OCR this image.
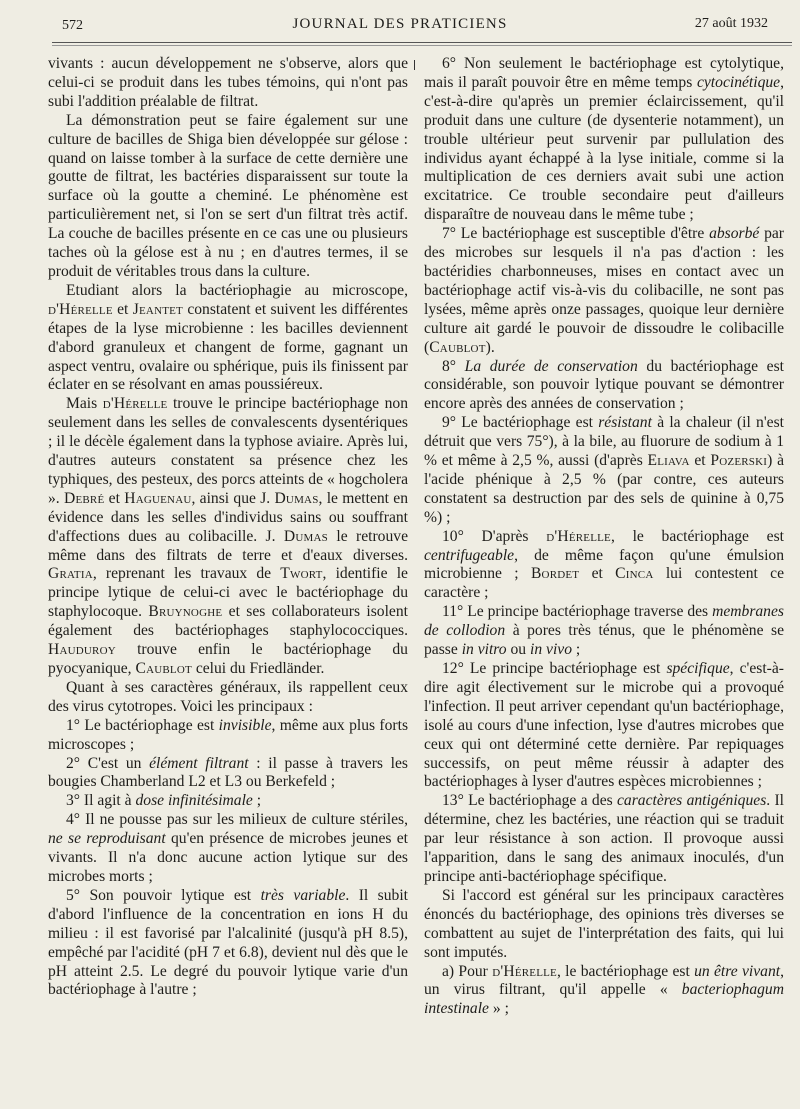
572	JOURNAL DES PRATICIENS	27 août 1932

vivants : aucun développement ne s'observe, alors que celui-ci se produit dans les tubes témoins, qui n'ont pas subi l'addition préalable de filtrat.

La démonstration peut se faire également sur une culture de bacilles de Shiga bien développée sur gélose : quand on laisse tomber à la surface de cette dernière une goutte de filtrat, les bactéries disparaissent sur toute la surface où la goutte a cheminé. Le phénomène est particulièrement net, si l'on se sert d'un filtrat très actif. La couche de bacilles présente en ce cas une ou plusieurs taches où la gélose est à nu ; en d'autres termes, il se produit de véritables trous dans la culture.

Etudiant alors la bactériophagie au microscope, d'Hérelle et Jeantet constatent et suivent les différentes étapes de la lyse microbienne : les bacilles deviennent d'abord granuleux et changent de forme, gagnant un aspect ventru, ovalaire ou sphérique, puis ils finissent par éclater en se résolvant en amas poussiéreux.

Mais d'Hérelle trouve le principe bactériophage non seulement dans les selles de convalescents dysentériques ; il le décèle également dans la typhose aviaire. Après lui, d'autres auteurs constatent sa présence chez les typhiques, des pesteux, des porcs atteints de « hogcholera ». Debré et Haguenau, ainsi que J. Dumas, le mettent en évidence dans les selles d'individus sains ou souffrant d'affections dues au colibacille. J. Dumas le retrouve même dans des filtrats de terre et d'eaux diverses. Gratia, reprenant les travaux de Twort, identifie le principe lytique de celui-ci avec le bactériophage du staphylocoque. Bruynoghe et ses collaborateurs isolent également des bactériophages staphylococciques. Hauduroy trouve enfin le bactériophage du pyocyanique, Caublot celui du Friedländer.

Quant à ses caractères généraux, ils rappellent ceux des virus cytotropes. Voici les principaux :

1° Le bactériophage est invisible, même aux plus forts microscopes ;

2° C'est un élément filtrant : il passe à travers les bougies Chamberland L2 et L3 ou Berkefeld ;

3° Il agit à dose infinitésimale ;

4° Il ne pousse pas sur les milieux de culture stériles, ne se reproduisant qu'en présence de microbes jeunes et vivants. Il n'a donc aucune action lytique sur des microbes morts ;

5° Son pouvoir lytique est très variable. Il subit d'abord l'influence de la concentration en ions H du milieu : il est favorisé par l'alcalinité (jusqu'à pH 8.5), empêché par l'acidité (pH 7 et 6.8), devient nul dès que le pH atteint 2.5. Le degré du pouvoir lytique varie d'un bactériophage à l'autre ;

6° Non seulement le bactériophage est cytolytique, mais il paraît pouvoir être en même temps cytocinétique, c'est-à-dire qu'après un premier éclaircissement, qu'il produit dans une culture (de dysenterie notamment), un trouble ultérieur peut survenir par pullulation des individus ayant échappé à la lyse initiale, comme si la multiplication de ces derniers avait subi une action excitatrice. Ce trouble secondaire peut d'ailleurs disparaître de nouveau dans le même tube ;

7° Le bactériophage est susceptible d'être absorbé par des microbes sur lesquels il n'a pas d'action : les bactéridies charbonneuses, mises en contact avec un bactériophage actif vis-à-vis du colibacille, ne sont pas lysées, même après onze passages, quoique leur dernière culture ait gardé le pouvoir de dissoudre le colibacille (Caublot).

8° La durée de conservation du bactériophage est considérable, son pouvoir lytique pouvant se démontrer encore après des années de conservation ;

9° Le bactériophage est résistant à la chaleur (il n'est détruit que vers 75°), à la bile, au fluorure de sodium à 1 % et même à 2,5 %, aussi (d'après Eliava et Pozerski) à l'acide phénique à 2,5 % (par contre, ces auteurs constatent sa destruction par des sels de quinine à 0,75 %) ;

10° D'après d'Hérelle, le bactériophage est centrifugeable, de même façon qu'une émulsion microbienne ; Bordet et Cinca lui contestent ce caractère ;

11° Le principe bactériophage traverse des membranes de collodion à pores très ténus, que le phénomène se passe in vitro ou in vivo ;

12° Le principe bactériophage est spécifique, c'est-à-dire agit électivement sur le microbe qui a provoqué l'infection. Il peut arriver cependant qu'un bactériophage, isolé au cours d'une infection, lyse d'autres microbes que ceux qui ont déterminé cette dernière. Par repiquages successifs, on peut même réussir à adapter des bactériophages à lyser d'autres espèces microbiennes ;

13° Le bactériophage a des caractères antigéniques. Il détermine, chez les bactéries, une réaction qui se traduit par leur résistance à son action. Il provoque aussi l'apparition, dans le sang des animaux inoculés, d'un principe anti-bactériophage spécifique.

Si l'accord est général sur les principaux caractères énoncés du bactériophage, des opinions très diverses se combattent au sujet de l'interprétation des faits, qui lui sont imputés.

a) Pour d'Hérelle, le bactériophage est un être vivant, un virus filtrant, qu'il appelle « bacteriophagum intestinale » ;
